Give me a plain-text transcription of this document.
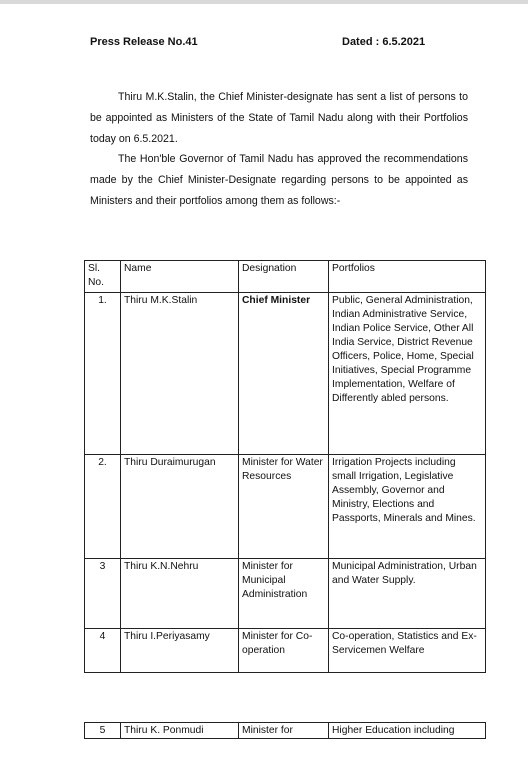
Press Release No.41	Dated : 6.5.2021
Thiru M.K.Stalin, the Chief Minister-designate has sent a list of persons to be appointed as Ministers of the State of Tamil Nadu along with their Portfolios today on 6.5.2021.
The Hon'ble Governor of Tamil Nadu has approved the recommendations made by the Chief Minister-Designate regarding persons to be appointed as Ministers and their portfolios among them as follows:-
Sl. No.	Name	Designation	Portfolios
1.	Thiru M.K.Stalin	Chief Minister	Public, General Administration, Indian Administrative Service, Indian Police Service, Other All India Service, District Revenue Officers, Police, Home, Special Initiatives, Special Programme Implementation, Welfare of Differently abled persons.
2.	Thiru Duraimurugan	Minister for Water Resources	Irrigation Projects including small Irrigation, Legislative Assembly, Governor and Ministry, Elections and Passports, Minerals and Mines.
3	Thiru K.N.Nehru	Minister for Municipal Administration	Municipal Administration, Urban and Water Supply.
4	Thiru I.Periyasamy	Minister for Co-operation	Co-operation, Statistics and Ex-Servicemen Welfare
5	Thiru K. Ponmudi	Minister for	Higher Education including
